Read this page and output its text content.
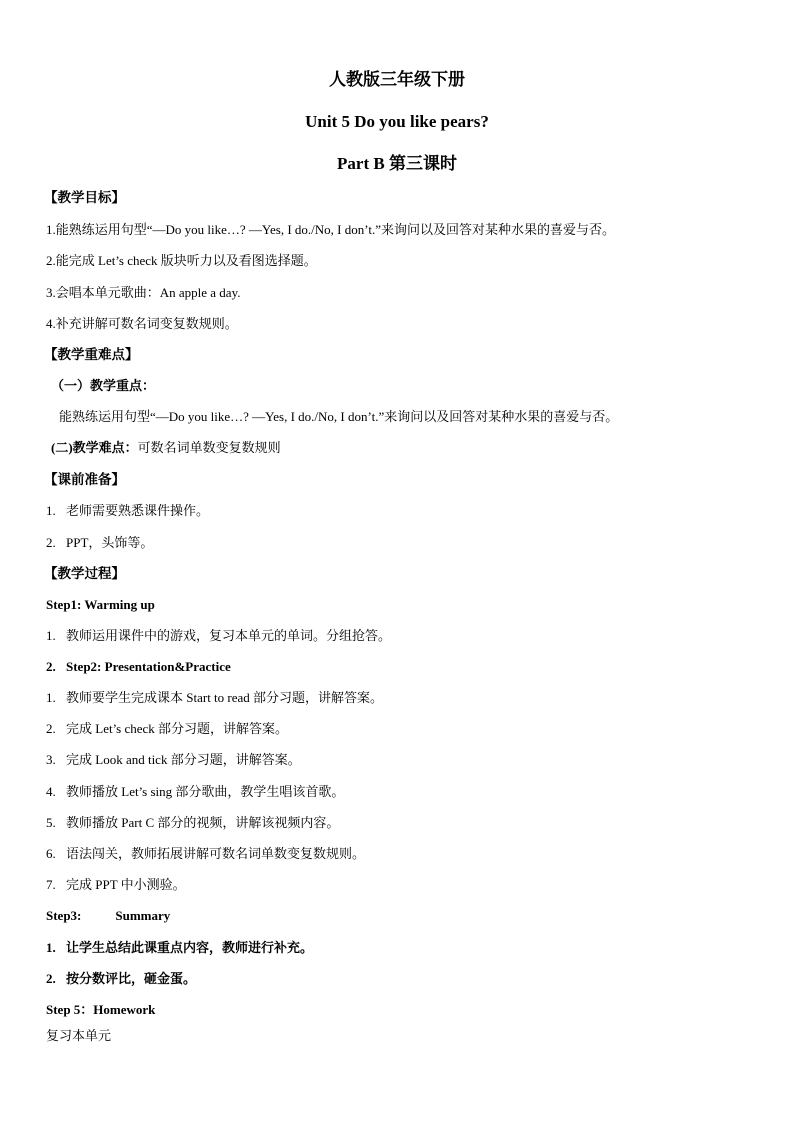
人教版三年级下册
Unit 5 Do you like pears?
Part B 第三课时
【教学目标】
1.能熟练运用句型“—Do you like…? —Yes, I do./No, I don’t.”来询问以及回答对某种水果的喜爱与否。
2.能完成 Let’s check 版块听力以及看图选择题。
3.会唱本单元歌曲：An apple a day.
4.补充讲解可数名词变复数规则。
【教学重难点】
（一）教学重点：
能熟练运用句型“—Do you like…? —Yes, I do./No, I don’t.”来询问以及回答对某种水果的喜爱与否。
(二)教学难点：可数名词单数变复数规则
【课前准备】
1. 老师需要熟悉课件操作。
2. PPT，头饰等。
【教学过程】
Step1: Warming up
1. 教师运用课件中的游戏，复习本单元的单词。分组抢答。
2. Step2: Presentation&Practice
1. 教师要学生完成课本 Start to read 部分习题，讲解答案。
2. 完成 Let’s check 部分习题，讲解答案。
3. 完成 Look and tick 部分习题，讲解答案。
4. 教师播放 Let’s sing 部分歌曲，教学生唱该首歌。
5. 教师播放 Part C 部分的视频，讲解该视频内容。
6. 语法闯关，教师拓展讲解可数名词单数变复数规则。
7. 完成 PPT 中小测验。
Step3:	Summary
1. 让学生总结此课重点内容，教师进行补充。
2. 按分数评比，砸金蛋。
Step 5：Homework
复习本单元
